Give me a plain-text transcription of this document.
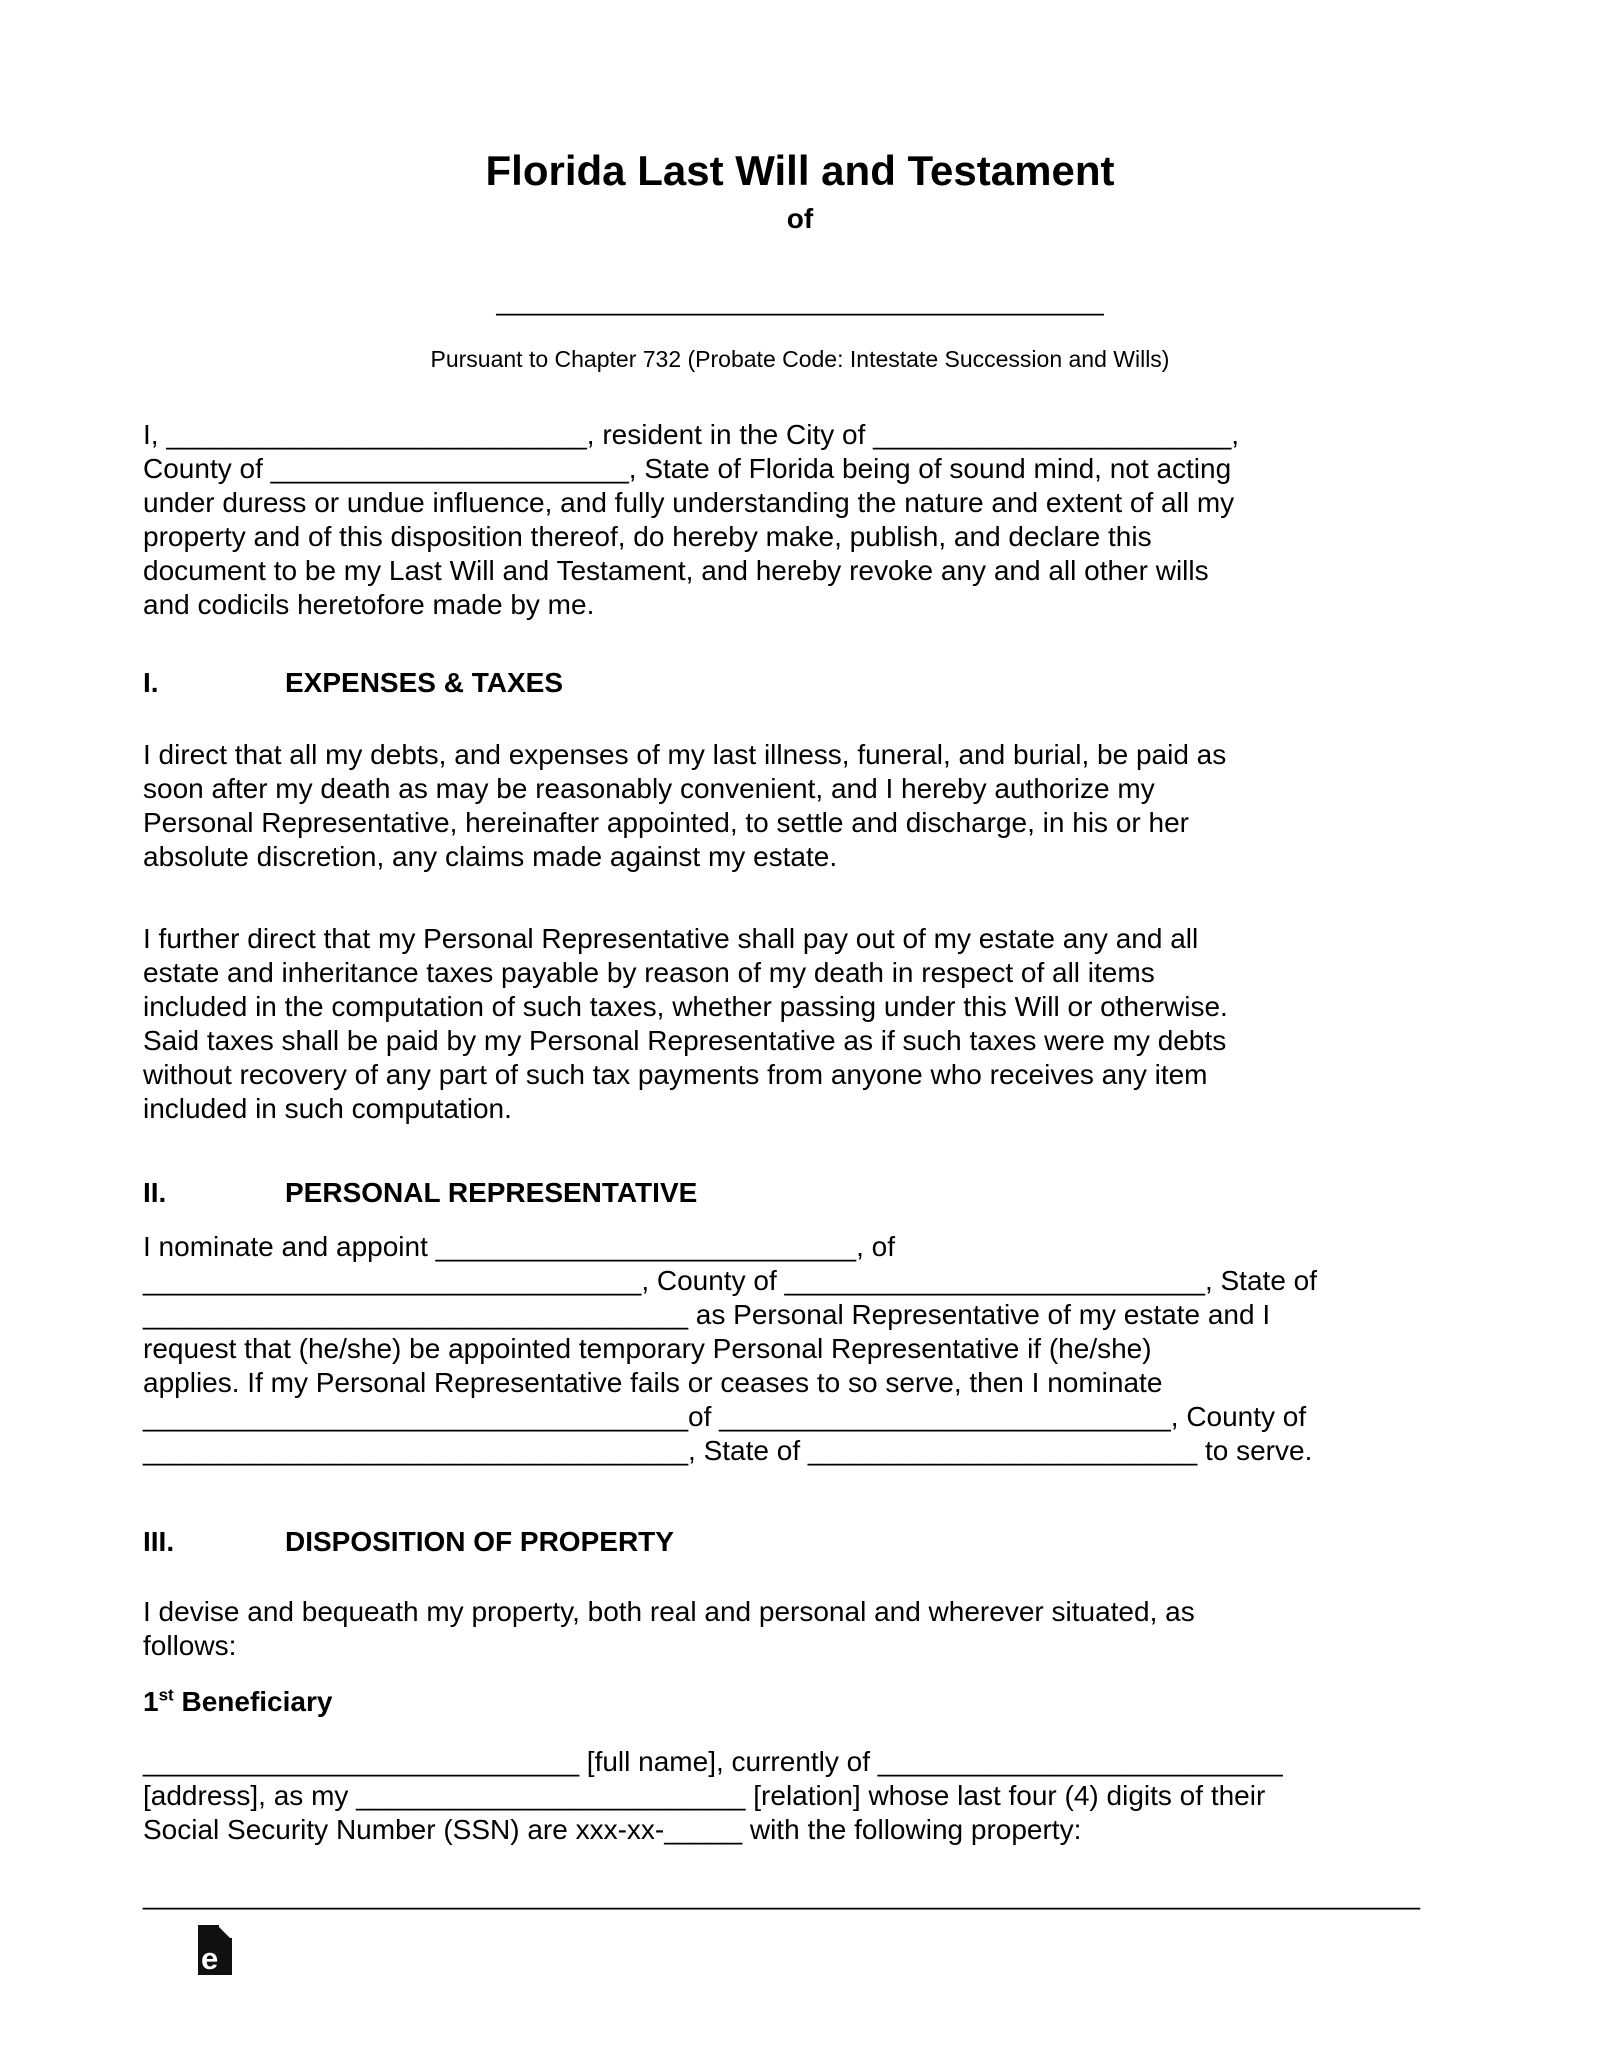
Florida Last Will and Testament
of
_______________________________________
Pursuant to Chapter 732 (Probate Code: Intestate Succession and Wills)
I, ___________________________, resident in the City of _______________________,
County of _______________________, State of Florida being of sound mind, not acting
under duress or undue influence, and fully understanding the nature and extent of all my
property and of this disposition thereof, do hereby make, publish, and declare this
document to be my Last Will and Testament, and hereby revoke any and all other wills
and codicils heretofore made by me.
I.	EXPENSES & TAXES
I direct that all my debts, and expenses of my last illness, funeral, and burial, be paid as
soon after my death as may be reasonably convenient, and I hereby authorize my
Personal Representative, hereinafter appointed, to settle and discharge, in his or her
absolute discretion, any claims made against my estate.
I further direct that my Personal Representative shall pay out of my estate any and all
estate and inheritance taxes payable by reason of my death in respect of all items
included in the computation of such taxes, whether passing under this Will or otherwise.
Said taxes shall be paid by my Personal Representative as if such taxes were my debts
without recovery of any part of such tax payments from anyone who receives any item
included in such computation.
II.	PERSONAL REPRESENTATIVE
I nominate and appoint ___________________________, of
________________________________, County of ___________________________, State of
___________________________________ as Personal Representative of my estate and I
request that (he/she) be appointed temporary Personal Representative if (he/she)
applies. If my Personal Representative fails or ceases to so serve, then I nominate
___________________________________of _____________________________, County of
___________________________________, State of _________________________ to serve.
III.	DISPOSITION OF PROPERTY
I devise and bequeath my property, both real and personal and wherever situated, as
follows:
1st Beneficiary
____________________________ [full name], currently of __________________________
[address], as my _________________________ [relation] whose last four (4) digits of their
Social Security Number (SSN) are xxx-xx-_____ with the following property:
__________________________________________________________________________________
e
